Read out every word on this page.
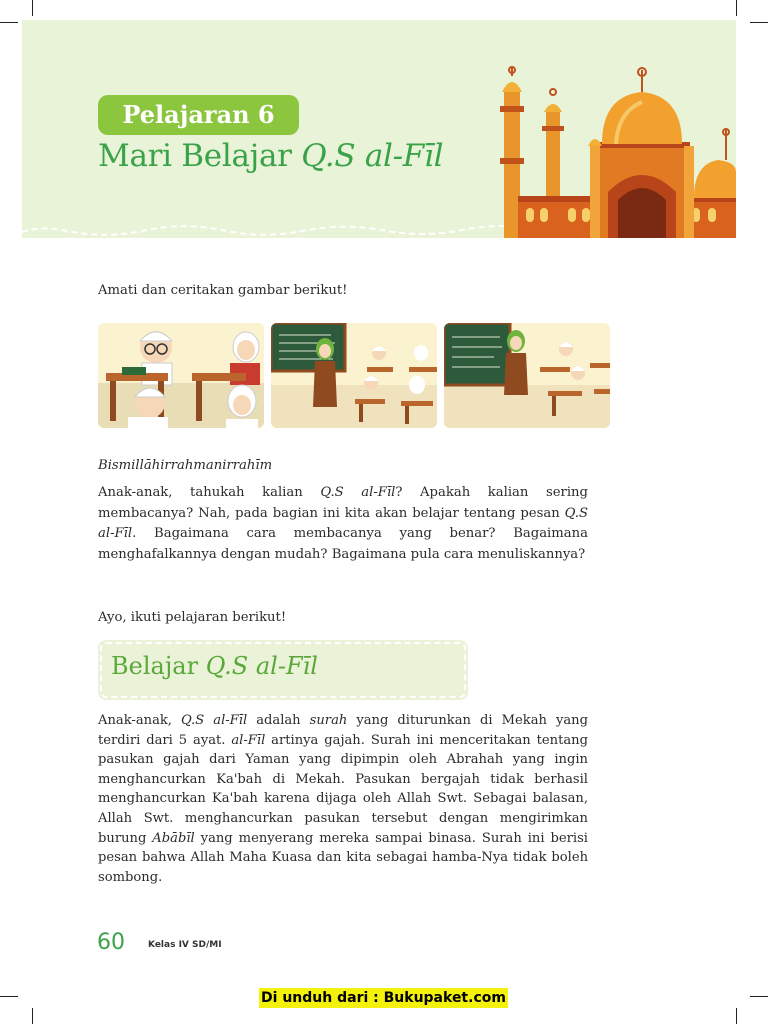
Pelajaran 6
Mari Belajar Q.S al-Fīl
Amati dan ceritakan gambar berikut!
Bismillāhirrahmanirrahīm
Anak-anak, tahukah kalian Q.S al-Fīl? Apakah kalian sering membacanya? Nah, pada bagian ini kita akan belajar tentang pesan Q.S al-Fīl. Bagaimana cara membacanya yang benar? Bagaimana menghafalkannya dengan mudah? Bagaimana pula cara menuliskannya?
Ayo, ikuti pelajaran berikut!
Belajar Q.S al-Fīl
Anak-anak, Q.S al-Fīl adalah surah yang diturunkan di Mekah yang terdiri dari 5 ayat. al-Fīl artinya gajah. Surah ini menceritakan tentang pasukan gajah dari Yaman yang dipimpin oleh Abrahah yang ingin menghancurkan Ka'bah di Mekah. Pasukan bergajah tidak berhasil menghancurkan Ka'bah karena dijaga oleh Allah Swt. Sebagai balasan, Allah Swt. menghancurkan pasukan tersebut dengan mengirimkan burung Abābīl yang menyerang mereka sampai binasa. Surah ini berisi pesan bahwa Allah Maha Kuasa dan kita sebagai hamba-Nya tidak boleh sombong.
60	Kelas IV SD/MI
Di unduh dari : Bukupaket.com
